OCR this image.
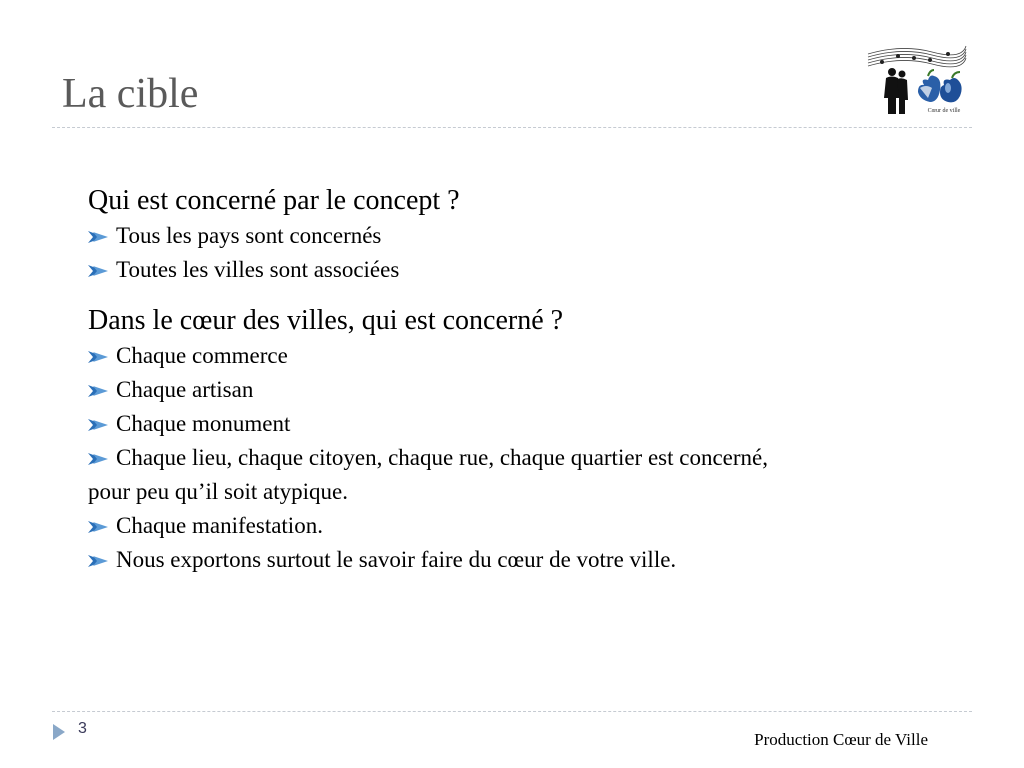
La cible	Cœur de ville

Qui est concerné par le concept ?

Tous les pays sont concernés

Toutes les villes sont associées

Dans le cœur des villes, qui est concerné ?

Chaque commerce

Chaque artisan

Chaque monument

Chaque lieu, chaque citoyen, chaque rue, chaque quartier est concerné,

pour peu qu’il soit atypique.

Chaque manifestation.

Nous exportons surtout le savoir faire du cœur de votre ville.

3
Production Cœur de Ville
